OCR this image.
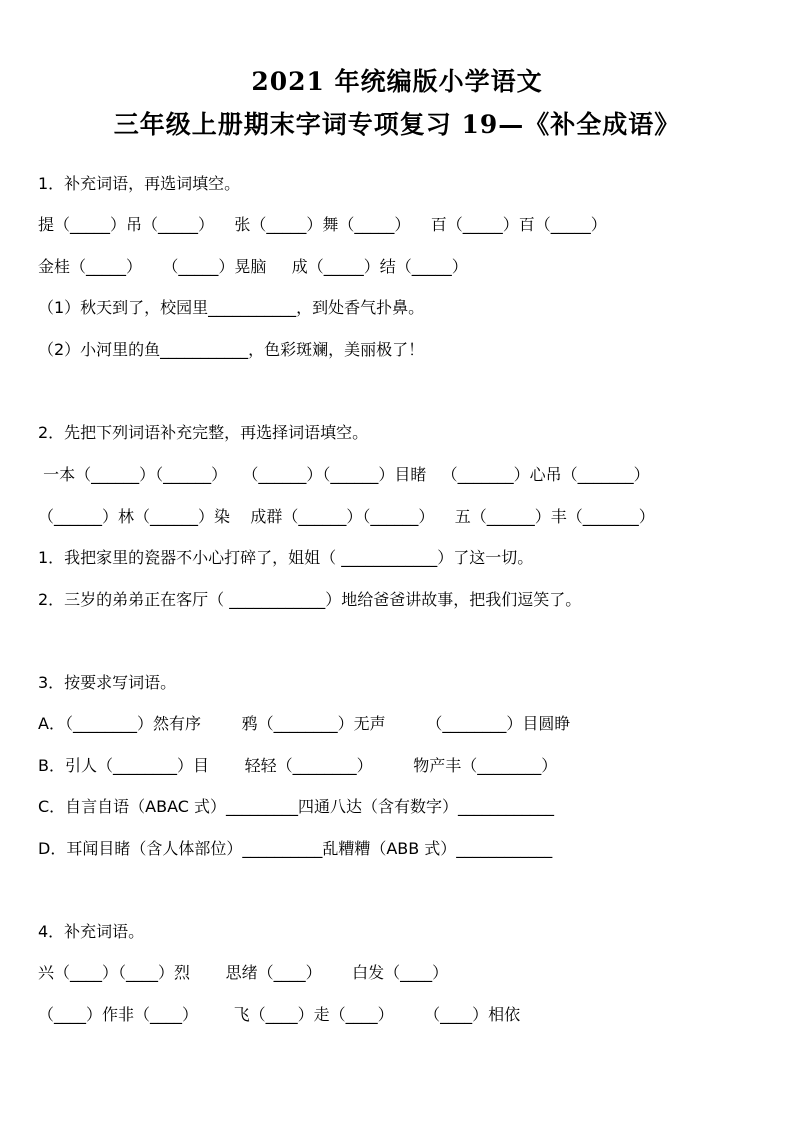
2021 年统编版小学语文
三年级上册期末字词专项复习 19—《补全成语》
1．补充词语，再选词填空。
提（_____）吊（_____）    张（_____）舞（_____）    百（_____）百（_____）
金桂（_____）    （_____）晃脑     成（_____）结（_____）
（1）秋天到了，校园里___________，到处香气扑鼻。
（2）小河里的鱼___________，色彩斑斓，美丽极了！
2．先把下列词语补充完整，再选择词语填空。
一本（______）（______）   （______）（______）目睹   （_______）心吊（_______）
（______）林（______）染    成群（______）（______）    五（______）丰（_______）
1．我把家里的瓷器不小心打碎了，姐姐（ ____________）了这一切。
2．三岁的弟弟正在客厅（ ____________）地给爸爸讲故事，把我们逗笑了。
3．按要求写词语。
A．（________）然有序        鸦（________）无声        （________）目圆睁
B．引人（________）目       轻轻（________）        物产丰（________）
C．自言自语（ABAC 式）_________四通八达（含有数字）____________
D．耳闻目睹（含人体部位）__________乱糟糟（ABB 式）____________
4．补充词语。
兴（____）（____）烈       思绪（____）      白发（____）
（____）作非（____）       飞（____）走（____）      （____）相依
